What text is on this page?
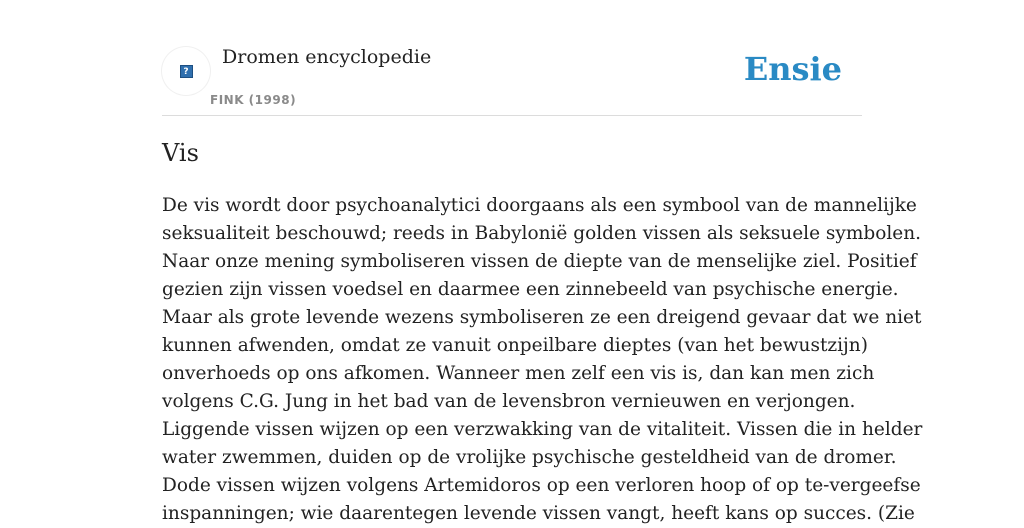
?
Dromen encyclopedie
FINK (1998)
Ensie
Vis
De vis wordt door psychoanalytici doorgaans als een symbool van de mannelijke
seksualiteit beschouwd; reeds in Babylonië golden vissen als seksuele symbolen.
Naar onze mening symboliseren vissen de diepte van de menselijke ziel. Positief
gezien zijn vissen voedsel en daarmee een zinnebeeld van psychische energie.
Maar als grote levende wezens symboliseren ze een dreigend gevaar dat we niet
kunnen afwenden, omdat ze vanuit onpeilbare dieptes (van het bewustzijn)
onverhoeds op ons afkomen. Wanneer men zelf een vis is, dan kan men zich
volgens C.G. Jung in het bad van de levensbron vernieuwen en verjongen.
Liggende vissen wijzen op een verzwakking van de vitaliteit. Vissen die in helder
water zwemmen, duiden op de vrolijke psychische gesteldheid van de dromer.
Dode vissen wijzen volgens Artemidoros op een verloren hoop of op te-vergeefse
inspanningen; wie daarentegen levende vissen vangt, heeft kans op succes. (Zie
